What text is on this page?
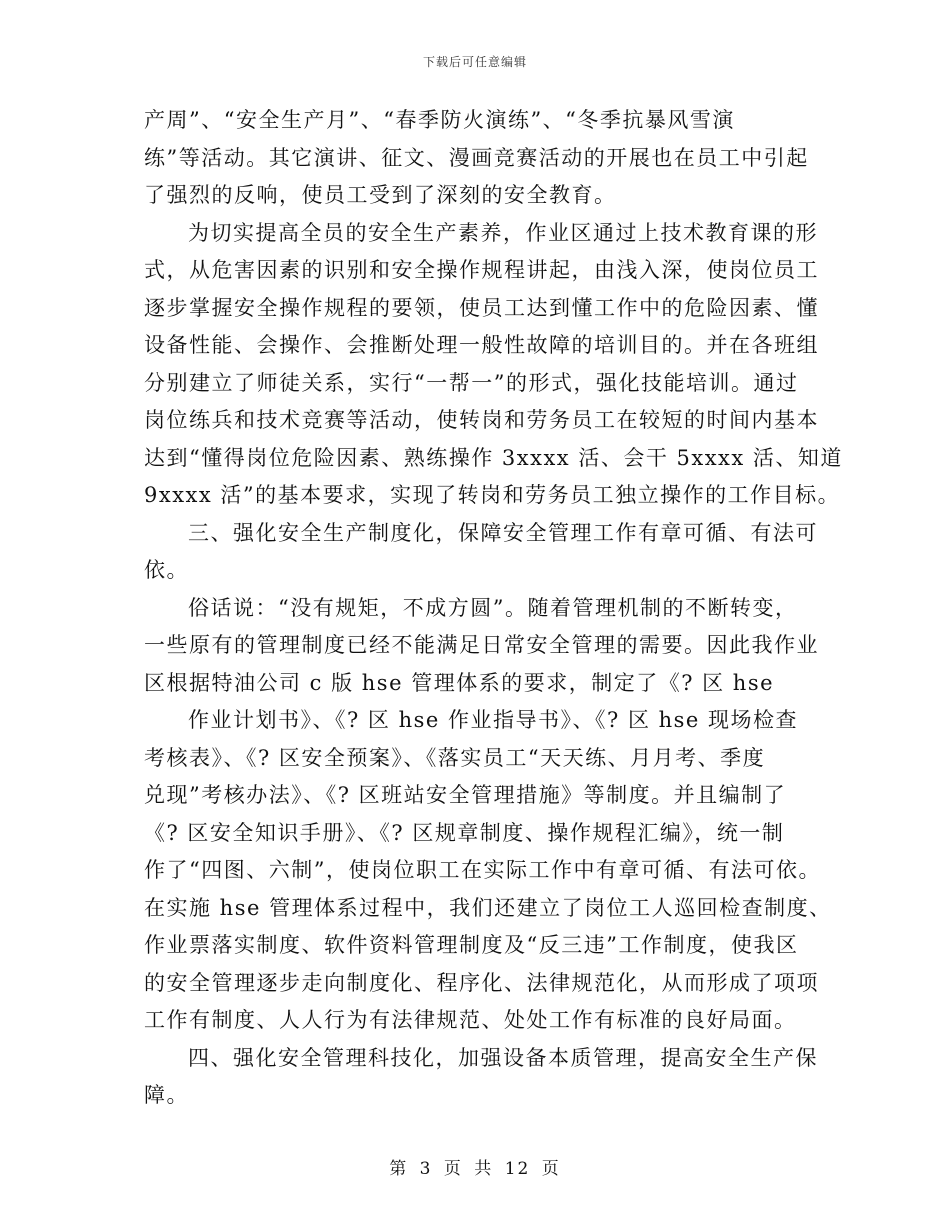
下载后可任意编辑
产周”、“安全生产月”、“春季防火演练”、“冬季抗暴风雪演
练”等活动。其它演讲、征文、漫画竞赛活动的开展也在员工中引起
了强烈的反响，使员工受到了深刻的安全教育。
为切实提高全员的安全生产素养，作业区通过上技术教育课的形
式，从危害因素的识别和安全操作规程讲起，由浅入深，使岗位员工
逐步掌握安全操作规程的要领，使员工达到懂工作中的危险因素、懂
设备性能、会操作、会推断处理一般性故障的培训目的。并在各班组
分别建立了师徒关系，实行“一帮一”的形式，强化技能培训。通过
岗位练兵和技术竞赛等活动，使转岗和劳务员工在较短的时间内基本
达到“懂得岗位危险因素、熟练操作 3xxxx 活、会干 5xxxx 活、知道
9xxxx 活”的基本要求，实现了转岗和劳务员工独立操作的工作目标。
三、强化安全生产制度化，保障安全管理工作有章可循、有法可
依。
俗话说：“没有规矩，不成方圆”。随着管理机制的不断转变，
一些原有的管理制度已经不能满足日常安全管理的需要。因此我作业
区根据特油公司 c 版 hse 管理体系的要求，制定了《? 区 hse
作业计划书》、《? 区 hse 作业指导书》、《? 区 hse 现场检查
考核表》、《? 区安全预案》、《落实员工“天天练、月月考、季度
兑现”考核办法》、《? 区班站安全管理措施》等制度。并且编制了
《? 区安全知识手册》、《? 区规章制度、操作规程汇编》，统一制
作了“四图、六制”，使岗位职工在实际工作中有章可循、有法可依。
在实施 hse 管理体系过程中，我们还建立了岗位工人巡回检查制度、
作业票落实制度、软件资料管理制度及“反三违”工作制度，使我区
的安全管理逐步走向制度化、程序化、法律规范化，从而形成了项项
工作有制度、人人行为有法律规范、处处工作有标准的良好局面。
四、强化安全管理科技化，加强设备本质管理，提高安全生产保
障。
第 3 页 共 12 页
